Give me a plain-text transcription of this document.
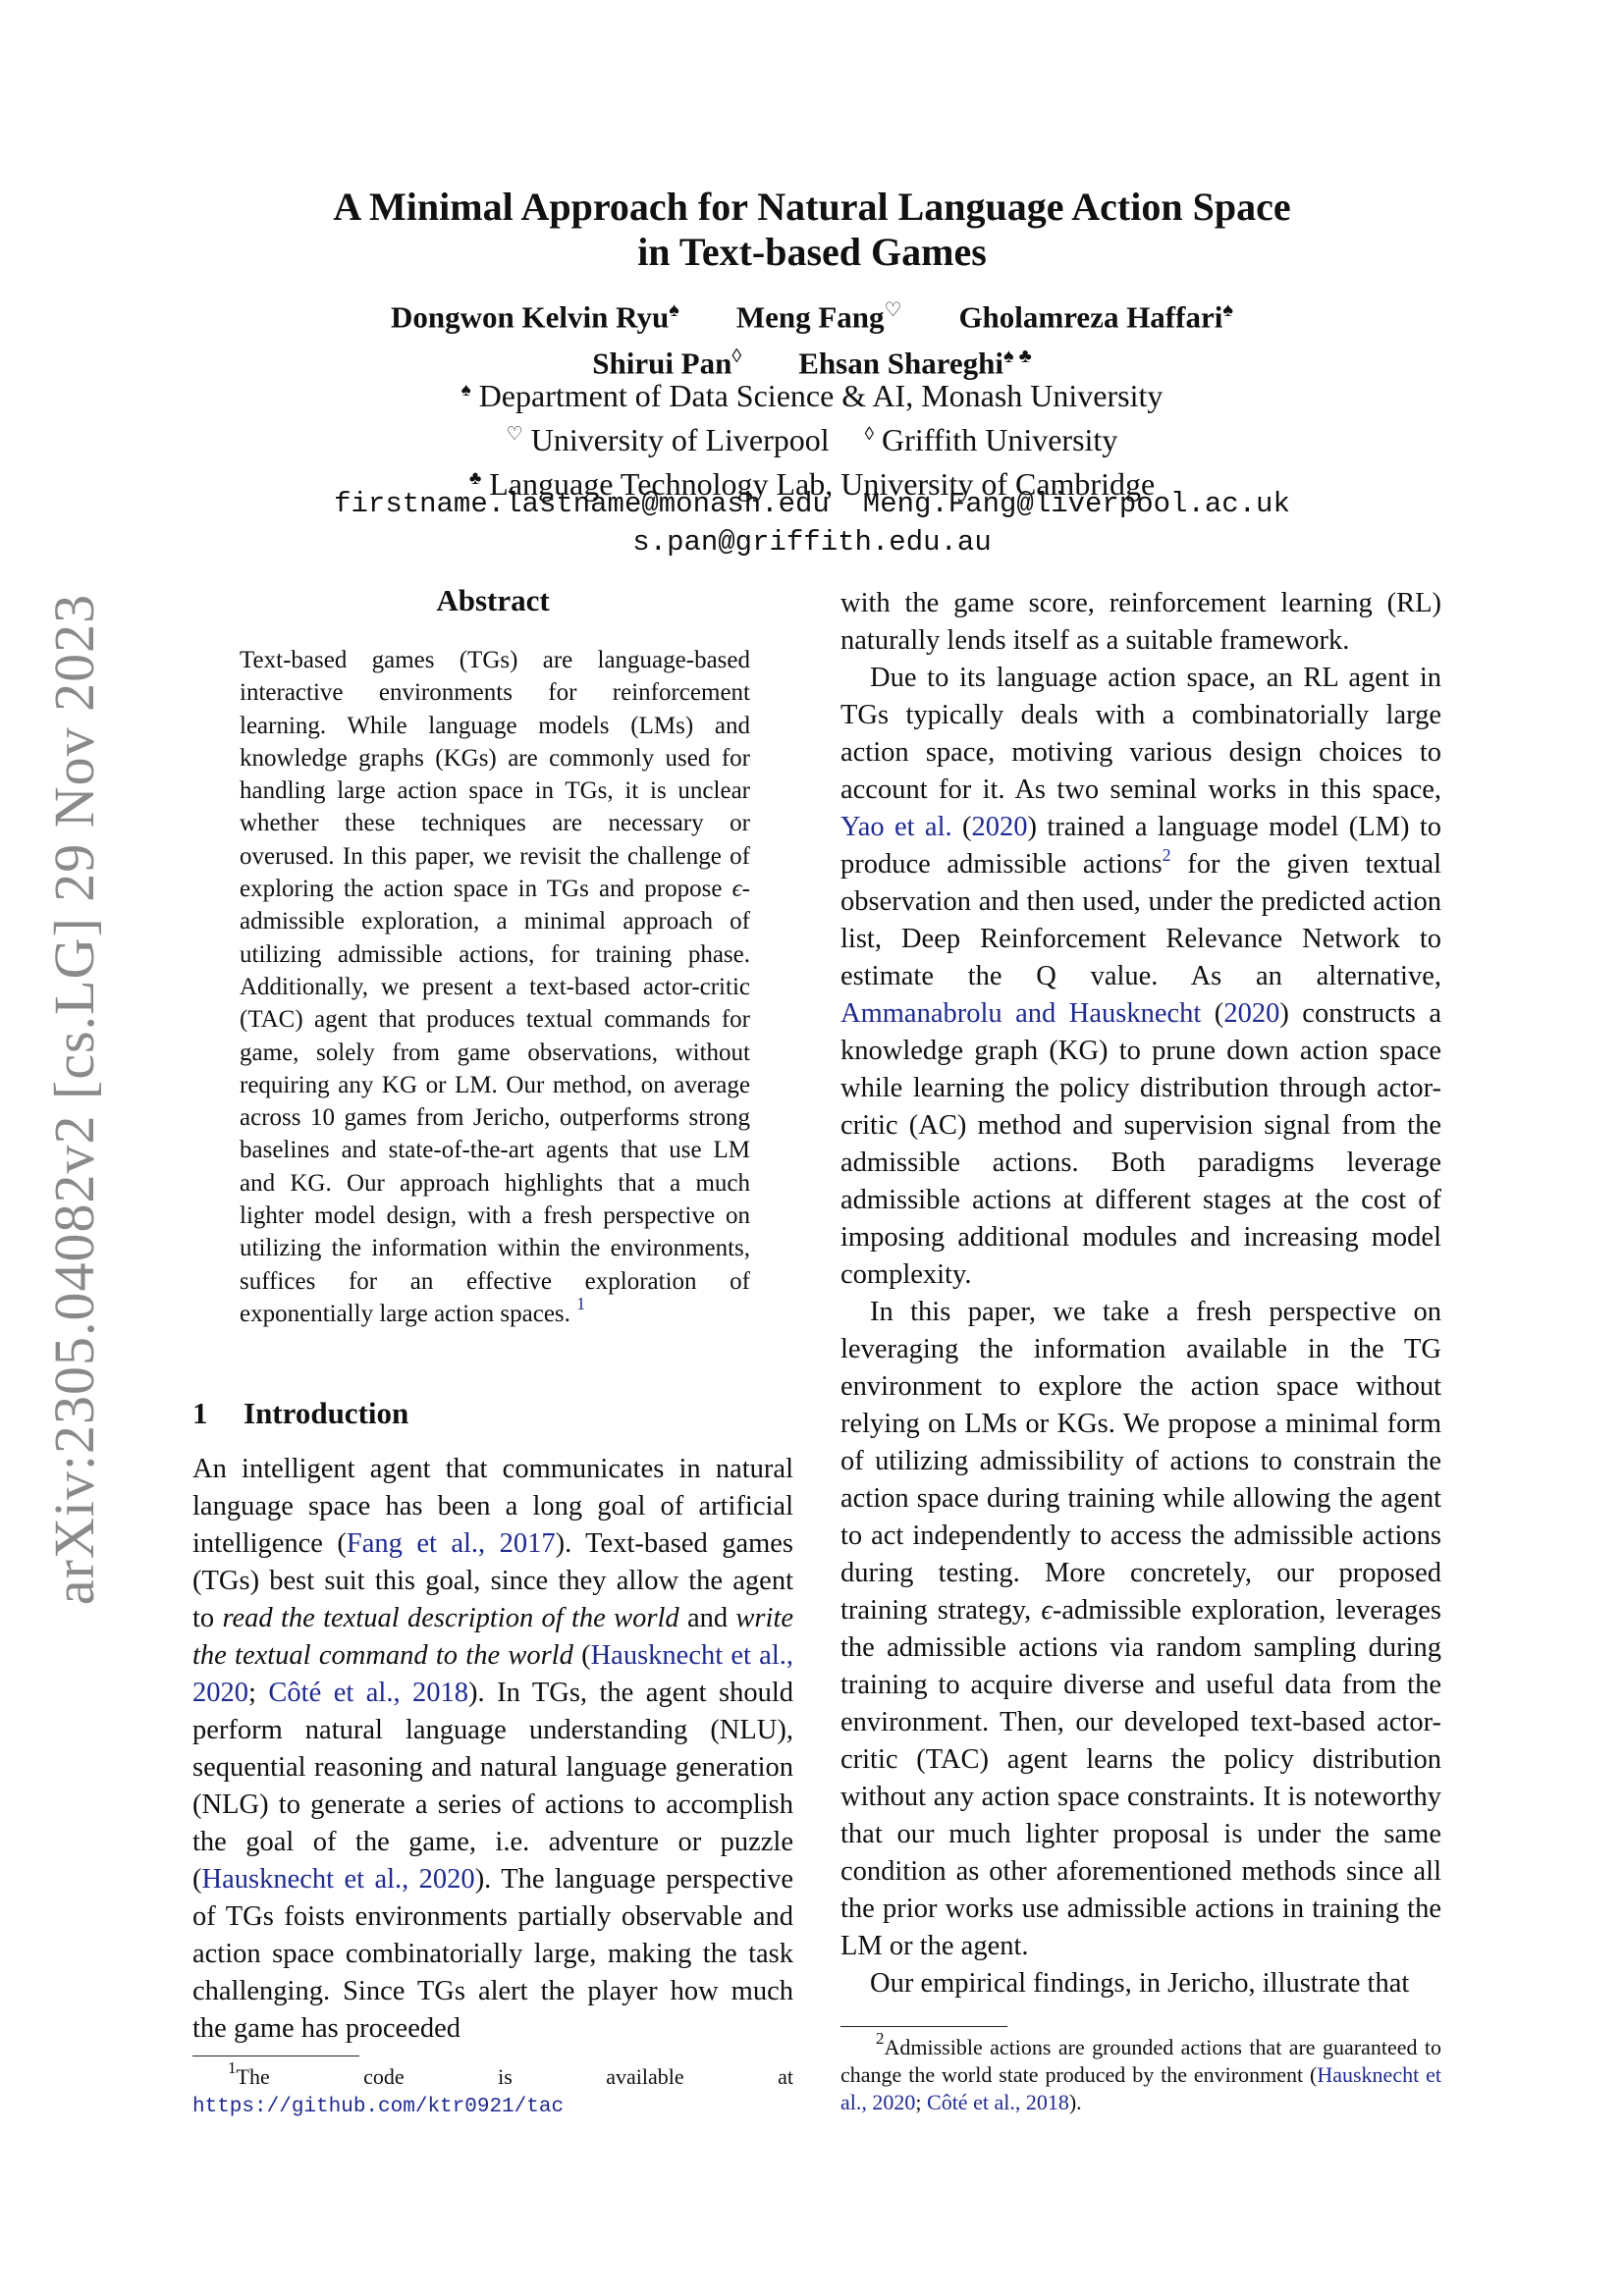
arXiv:2305.04082v2 [cs.LG] 29 Nov 2023
A Minimal Approach for Natural Language Action Space
in Text-based Games
Dongwon Kelvin Ryu♠ Meng Fang♡ Gholamreza Haffari♠
Shirui Pan◊ Ehsan Shareghi♠ ♣
♠ Department of Data Science & AI, Monash University
♡ University of Liverpool ◊ Griffith University
♣ Language Technology Lab, University of Cambridge
firstname.lastname@monash.edu Meng.Fang@liverpool.ac.uk
s.pan@griffith.edu.au
Abstract
Text-based games (TGs) are language-based interactive environments for reinforcement learning. While language models (LMs) and knowledge graphs (KGs) are commonly used for handling large action space in TGs, it is unclear whether these techniques are necessary or overused. In this paper, we revisit the challenge of exploring the action space in TGs and propose ϵ-admissible exploration, a minimal approach of utilizing admissible actions, for training phase. Additionally, we present a text-based actor-critic (TAC) agent that produces textual commands for game, solely from game observations, without requiring any KG or LM. Our method, on average across 10 games from Jericho, outperforms strong baselines and state-of-the-art agents that use LM and KG. Our approach highlights that a much lighter model design, with a fresh perspective on utilizing the information within the environments, suffices for an effective exploration of exponentially large action spaces. $^1$
1 Introduction

An intelligent agent that communicates in natural language space has been a long goal of artificial intelligence (Fang et al., 2017). Text-based games (TGs) best suit this goal, since they allow the agent to read the textual description of the world and write the textual command to the world (Hausknecht et al., 2020; Côté et al., 2018). In TGs, the agent should perform natural language understanding (NLU), sequential reasoning and natural language generation (NLG) to generate a series of actions to accomplish the goal of the game, i.e. adventure or puzzle (Hausknecht et al., 2020). The language perspective of TGs foists environments partially observable and action space combinatorially large, making the task challenging. Since TGs alert the player how much the game has proceeded

$^1$The code is available at https://github.com/ktr0921/tac

with the game score, reinforcement learning (RL) naturally lends itself as a suitable framework.

Due to its language action space, an RL agent in TGs typically deals with a combinatorially large action space, motiving various design choices to account for it. As two seminal works in this space, Yao et al. (2020) trained a language model (LM) to produce admissible actions$^2$ for the given textual observation and then used, under the predicted action list, Deep Reinforcement Relevance Network to estimate the Q value. As an alternative, Ammanabrolu and Hausknecht (2020) constructs a knowledge graph (KG) to prune down action space while learning the policy distribution through actor-critic (AC) method and supervision signal from the admissible actions. Both paradigms leverage admissible actions at different stages at the cost of imposing additional modules and increasing model complexity.

In this paper, we take a fresh perspective on leveraging the information available in the TG environment to explore the action space without relying on LMs or KGs. We propose a minimal form of utilizing admissibility of actions to constrain the action space during training while allowing the agent to act independently to access the admissible actions during testing. More concretely, our proposed training strategy, ϵ-admissible exploration, leverages the admissible actions via random sampling during training to acquire diverse and useful data from the environment. Then, our developed text-based actor-critic (TAC) agent learns the policy distribution without any action space constraints. It is noteworthy that our much lighter proposal is under the same condition as other aforementioned methods since all the prior works use admissible actions in training the LM or the agent.

Our empirical findings, in Jericho, illustrate that

$^2$Admissible actions are grounded actions that are guaranteed to change the world state produced by the environment (Hausknecht et al., 2020; Côté et al., 2018).
